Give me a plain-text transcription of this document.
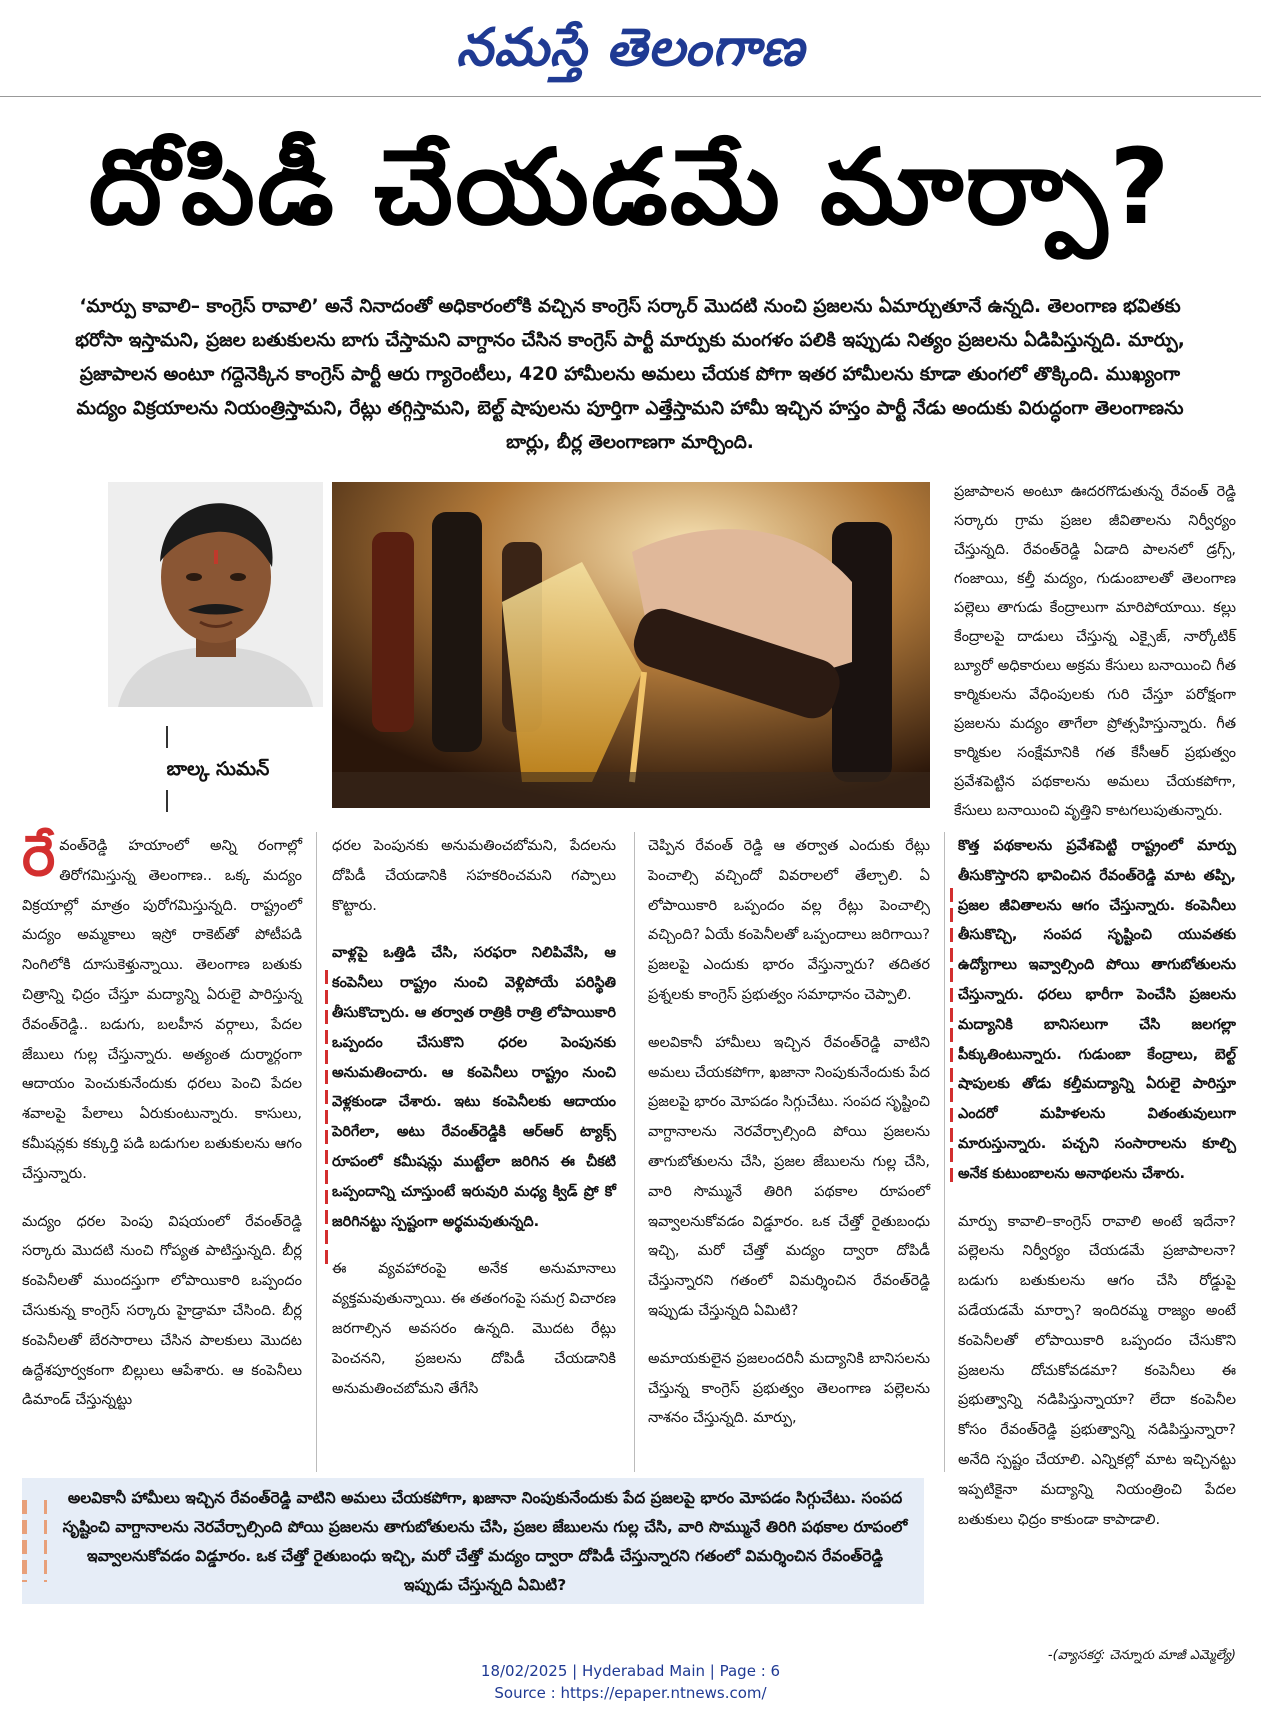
నమస్తే తెలంగాణ
దోపిడీ చేయడమే మార్పా?
‘మార్పు కావాలి– కాంగ్రెస్ రావాలి’ అనే నినాదంతో అధికారంలోకి వచ్చిన కాంగ్రెస్ సర్కార్ మొదటి నుంచి ప్రజలను ఏమార్చుతూనే ఉన్నది. తెలంగాణ భవితకు భరోసా ఇస్తామని, ప్రజల బతుకులను బాగు చేస్తామని వాగ్దానం చేసిన కాంగ్రెస్ పార్టీ మార్పుకు మంగళం పలికి ఇప్పుడు నిత్యం ప్రజలను ఏడిపిస్తున్నది. మార్పు, ప్రజాపాలన అంటూ గద్దెనెక్కిన కాంగ్రెస్ పార్టీ ఆరు గ్యారెంటీలు, 420 హామీలను అమలు చేయక పోగా ఇతర హామీలను కూడా తుంగలో తొక్కింది. ముఖ్యంగా మద్యం విక్రయాలను నియంత్రిస్తామని, రేట్లు తగ్గిస్తామని, బెల్ట్ షాపులను పూర్తిగా ఎత్తేస్తామని హామీ ఇచ్చిన హస్తం పార్టీ నేడు అందుకు విరుద్ధంగా తెలంగాణను బార్లు, బీర్ల తెలంగాణగా మార్చింది.
బాల్క సుమన్
ప్రజాపాలన అంటూ ఊదరగొడుతున్న రేవంత్ రెడ్డి సర్కారు గ్రామ ప్రజల జీవితాలను నిర్వీర్యం చేస్తున్నది. రేవంత్‌రెడ్డి ఏడాది పాలనలో డ్రగ్స్, గంజాయి, కల్తీ మద్యం, గుడుంబాలతో తెలంగాణ పల్లెలు తాగుడు కేంద్రాలుగా మారిపోయాయి. కల్లు కేంద్రాలపై దాడులు చేస్తున్న ఎక్సైజ్, నార్కోటిక్ బ్యూరో అధికారులు అక్రమ కేసులు బనాయించి గీత కార్మికులను వేధింపులకు గురి చేస్తూ పరోక్షంగా ప్రజలను మద్యం తాగేలా ప్రోత్సహిస్తున్నారు. గీత కార్మికుల సంక్షేమానికి గత కేసీఆర్ ప్రభుత్వం ప్రవేశపెట్టిన పథకాలను అమలు చేయకపోగా, కేసులు బనాయించి వృత్తిని కాటగలుపుతున్నారు.

రేవంత్‌రెడ్డి హయాంలో అన్ని రంగాల్లో తిరోగమిస్తున్న తెలంగాణ.. ఒక్క మద్యం విక్రయాల్లో మాత్రం పురోగమిస్తున్నది. రాష్ట్రంలో మద్యం అమ్మకాలు ఇస్రో రాకెట్‌తో పోటీపడి నింగిలోకి దూసుకెళ్తున్నాయి. తెలంగాణ బతుకు చిత్రాన్ని ఛిద్రం చేస్తూ మద్యాన్ని ఏరులై పారిస్తున్న రేవంత్‌రెడ్డి.. బడుగు, బలహీన వర్గాలు, పేదల జేబులు గుల్ల చేస్తున్నారు. అత్యంత దుర్మార్గంగా ఆదాయం పెంచుకునేందుకు ధరలు పెంచి పేదల శవాలపై పేలాలు ఏరుకుంటున్నారు. కాసులు, కమీషన్లకు కక్కుర్తి పడి బడుగుల బతుకులను ఆగం చేస్తున్నారు.

మద్యం ధరల పెంపు విషయంలో రేవంత్‌రెడ్డి సర్కారు మొదటి నుంచి గోప్యత పాటిస్తున్నది. బీర్ల కంపెనీలతో ముందస్తుగా లోపాయికారి ఒప్పందం చేసుకున్న కాంగ్రెస్ సర్కారు హైడ్రామా చేసింది. బీర్ల కంపెనీలతో బేరసారాలు చేసిన పాలకులు మొదట ఉద్దేశపూర్వకంగా బిల్లులు ఆపేశారు. ఆ కంపెనీలు డిమాండ్ చేస్తున్నట్టు

ధరల పెంపునకు అనుమతించబోమని, పేదలను దోపిడీ చేయడానికి సహకరించమని గప్పాలు కొట్టారు.

వాళ్లపై ఒత్తిడి చేసి, సరఫరా నిలిపివేసి, ఆ కంపెనీలు రాష్ట్రం నుంచి వెళ్లిపోయే పరిస్థితి తీసుకొచ్చారు. ఆ తర్వాత రాత్రికి రాత్రి లోపాయికారి ఒప్పందం చేసుకొని ధరల పెంపునకు అనుమతించారు. ఆ కంపెనీలు రాష్ట్రం నుంచి వెళ్లకుండా చేశారు. ఇటు కంపెనీలకు ఆదాయం పెరిగేలా, అటు రేవంత్‌రెడ్డికి ఆర్‌ఆర్ ట్యాక్స్ రూపంలో కమీషన్లు ముట్టేలా జరిగిన ఈ చీకటి ఒప్పందాన్ని చూస్తుంటే ఇరువురి మధ్య క్విడ్ ప్రో కో జరిగినట్టు స్పష్టంగా అర్థమవుతున్నది.

ఈ వ్యవహారంపై అనేక అనుమానాలు వ్యక్తమవుతున్నాయి. ఈ తతంగంపై సమగ్ర విచారణ జరగాల్సిన అవసరం ఉన్నది. మొదట రేట్లు పెంచనని, ప్రజలను దోపిడీ చేయడానికి అనుమతించబోమని తేగేసి

చెప్పిన రేవంత్ రెడ్డి ఆ తర్వాత ఎందుకు రేట్లు పెంచాల్సి వచ్చిందో వివరాలలో తేల్చాలి. ఏ లోపాయికారి ఒప్పందం వల్ల రేట్లు పెంచాల్సి వచ్చింది? ఏయే కంపెనీలతో ఒప్పందాలు జరిగాయి? ప్రజలపై ఎందుకు భారం వేస్తున్నారు? తదితర ప్రశ్నలకు కాంగ్రెస్ ప్రభుత్వం సమాధానం చెప్పాలి.

అలవికానీ హామీలు ఇచ్చిన రేవంత్‌రెడ్డి వాటిని అమలు చేయకపోగా, ఖజానా నింపుకునేందుకు పేద ప్రజలపై భారం మోపడం సిగ్గుచేటు. సంపద సృష్టించి వాగ్దానాలను నెరవేర్చాల్సింది పోయి ప్రజలను తాగుబోతులను చేసి, ప్రజల జేబులను గుల్ల చేసి, వారి సొమ్మునే తిరిగి పథకాల రూపంలో ఇవ్వాలనుకోవడం విడ్డూరం. ఒక చేత్తో రైతుబంధు ఇచ్చి, మరో చేత్తో మద్యం ద్వారా దోపిడీ చేస్తున్నారని గతంలో విమర్శించిన రేవంత్‌రెడ్డి ఇప్పుడు చేస్తున్నది ఏమిటి?

అమాయకులైన ప్రజలందరినీ మద్యానికి బానిసలను చేస్తున్న కాంగ్రెస్ ప్రభుత్వం తెలంగాణ పల్లెలను నాశనం చేస్తున్నది. మార్పు,

కొత్త పథకాలను ప్రవేశపెట్టి రాష్ట్రంలో మార్పు తీసుకొస్తారని భావించిన రేవంత్‌రెడ్డి మాట తప్పి, ప్రజల జీవితాలను ఆగం చేస్తున్నారు. కంపెనీలు తీసుకొచ్చి, సంపద సృష్టించి యువతకు ఉద్యోగాలు ఇవ్వాల్సింది పోయి తాగుబోతులను చేస్తున్నారు. ధరలు భారీగా పెంచేసి ప్రజలను మద్యానికి బానిసలుగా చేసి జలగల్లా పీక్కుతింటున్నారు. గుడుంబా కేంద్రాలు, బెల్ట్ షాపులకు తోడు కల్తీమద్యాన్ని ఏరులై పారిస్తూ ఎందరో మహిళలను వితంతువులుగా మారుస్తున్నారు. పచ్చని సంసారాలను కూల్చి అనేక కుటుంబాలను అనాథలను చేశారు.

మార్పు కావాలి–కాంగ్రెస్ రావాలి అంటే ఇదేనా? పల్లెలను నిర్వీర్యం చేయడమే ప్రజాపాలనా? బడుగు బతుకులను ఆగం చేసి రోడ్డుపై పడేయడమే మార్పా? ఇందిరమ్మ రాజ్యం అంటే కంపెనీలతో లోపాయికారి ఒప్పందం చేసుకొని ప్రజలను దోచుకోవడమా? కంపెనీలు ఈ ప్రభుత్వాన్ని నడిపిస్తున్నాయా? లేదా కంపెనీల కోసం రేవంత్‌రెడ్డి ప్రభుత్వాన్ని నడిపిస్తున్నారా? అనేది స్పష్టం చేయాలి. ఎన్నికల్లో మాట ఇచ్చినట్టు ఇప్పటికైనా మద్యాన్ని నియంత్రించి పేదల బతుకులు ఛిద్రం కాకుండా కాపాడాలి.

అలవికానీ హామీలు ఇచ్చిన రేవంత్‌రెడ్డి వాటిని అమలు చేయకపోగా, ఖజానా నింపుకునేందుకు పేద ప్రజలపై భారం మోపడం సిగ్గుచేటు. సంపద సృష్టించి వాగ్దానాలను నెరవేర్చాల్సింది పోయి ప్రజలను తాగుబోతులను చేసి, ప్రజల జేబులను గుల్ల చేసి, వారి సొమ్మునే తిరిగి పథకాల రూపంలో ఇవ్వాలనుకోవడం విడ్డూరం. ఒక చేత్తో రైతుబంధు ఇచ్చి, మరో చేత్తో మద్యం ద్వారా దోపిడీ చేస్తున్నారని గతంలో విమర్శించిన రేవంత్‌రెడ్డి ఇప్పుడు చేస్తున్నది ఏమిటి?
-(వ్యాసకర్త: చెన్నూరు మాజీ ఎమ్మెల్యే)
18/02/2025 | Hyderabad Main | Page : 6
Source : https://epaper.ntnews.com/
